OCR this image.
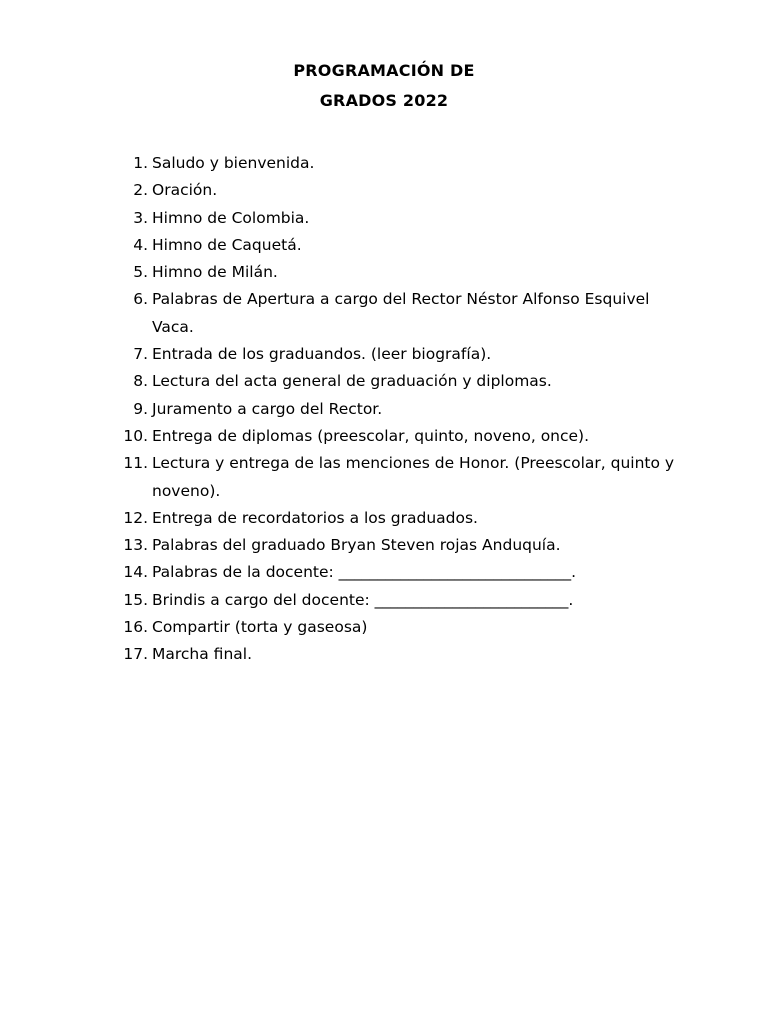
PROGRAMACIÓN DE
GRADOS 2022
1. Saludo y bienvenida.
2. Oración.
3. Himno de Colombia.
4. Himno de Caquetá.
5. Himno de Milán.
6. Palabras de Apertura a cargo del Rector Néstor Alfonso Esquivel Vaca.
7. Entrada de los graduandos. (leer biografía).
8. Lectura del acta general de graduación y diplomas.
9. Juramento a cargo del Rector.
10. Entrega de diplomas (preescolar, quinto, noveno, once).
11. Lectura y entrega de las menciones de Honor. (Preescolar, quinto y noveno).
12. Entrega de recordatorios a los graduados.
13. Palabras del graduado Bryan Steven rojas Anduquía.
14. Palabras de la docente: ______________________________.
15. Brindis a cargo del docente: _________________________.
16. Compartir (torta y gaseosa)
17. Marcha final.
